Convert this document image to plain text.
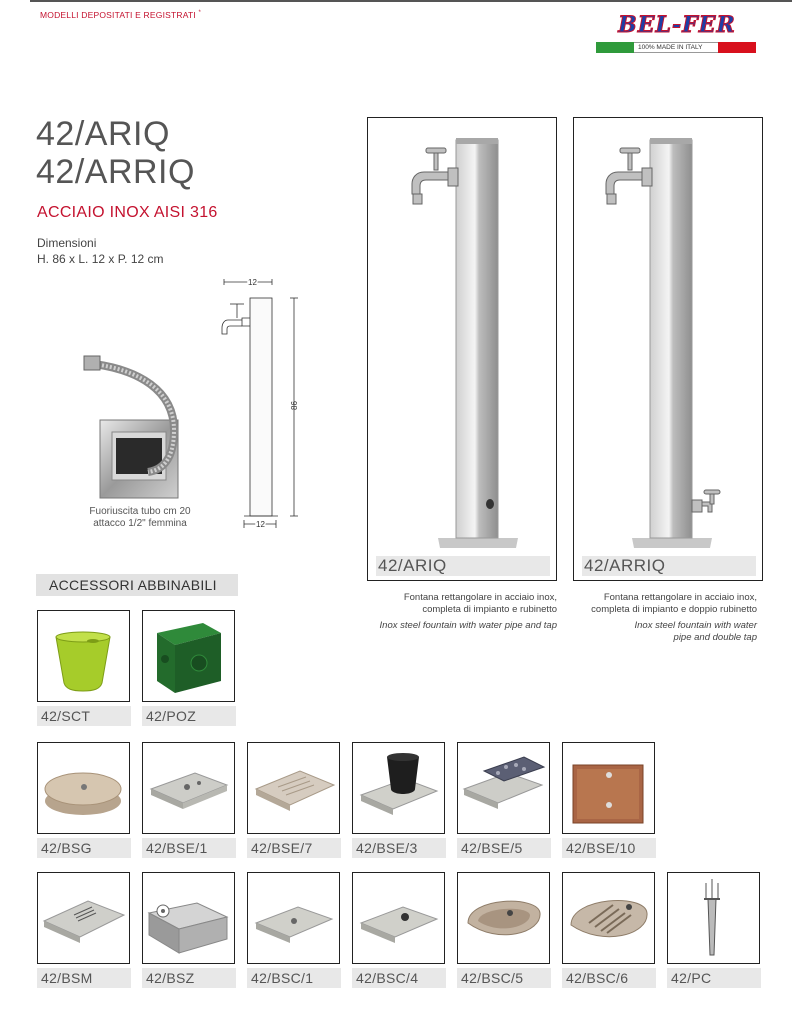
MODELLI DEPOSITATI E REGISTRATI *	BEL-FER
100% MADE IN ITALY
42/ARIQ
42/ARRIQ
ACCIAIO INOX AISI 316
Dimensioni
H. 86 x L. 12 x P. 12 cm
12
86
12
Fuoriuscita tubo cm 20
attacco 1/2" femmina
42/ARIQ	42/ARRIQ
Fontana rettangolare in acciaio inox,
completa di impianto e rubinetto
Inox steel fountain with water pipe and tap
Fontana rettangolare in acciaio inox,
completa di impianto e doppio rubinetto
Inox steel fountain with water
pipe and double tap
ACCESSORI ABBINABILI
42/SCT	42/POZ
42/BSG	42/BSE/1	42/BSE/7	42/BSE/3	42/BSE/5	42/BSE/10
42/BSM	42/BSZ	42/BSC/1	42/BSC/4	42/BSC/5	42/BSC/6	42/PC
